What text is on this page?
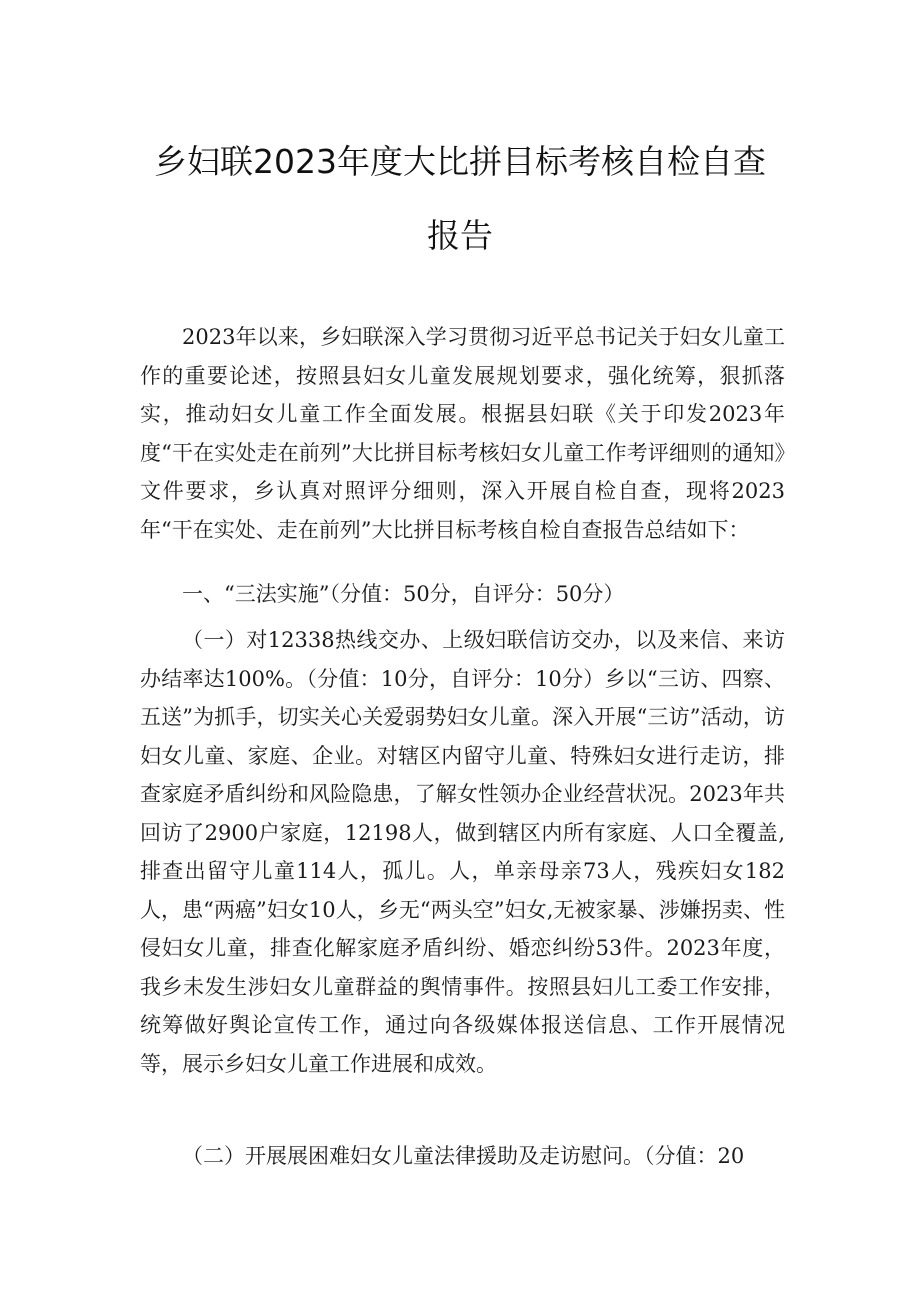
乡妇联2023年度大比拼目标考核自检自查
报告

2023年以来，乡妇联深入学习贯彻习近平总书记关于妇女儿童工作的重要论述，按照县妇女儿童发展规划要求，强化统筹，狠抓落实，推动妇女儿童工作全面发展。根据县妇联《关于印发2023年度“干在实处走在前列”大比拼目标考核妇女儿童工作考评细则的通知》文件要求，乡认真对照评分细则，深入开展自检自查，现将2023年“干在实处、走在前列”大比拼目标考核自检自查报告总结如下：

一、“三法实施”（分值：50分，自评分：50分）

（一）对12338热线交办、上级妇联信访交办，以及来信、来访办结率达100%。（分值：10分，自评分：10分）乡以“三访、四察、五送”为抓手，切实关心关爱弱势妇女儿童。深入开展“三访”活动，访妇女儿童、家庭、企业。对辖区内留守儿童、特殊妇女进行走访，排查家庭矛盾纠纷和风险隐患，了解女性领办企业经营状况。2023年共回访了2900户家庭，12198人，做到辖区内所有家庭、人口全覆盖,排查出留守儿童114人，孤儿。人，单亲母亲73人，残疾妇女182人，患“两癌”妇女10人，乡无“两头空”妇女,无被家暴、涉嫌拐卖、性侵妇女儿童，排查化解家庭矛盾纠纷、婚恋纠纷53件。2023年度，我乡未发生涉妇女儿童群益的舆情事件。按照县妇儿工委工作安排，统筹做好舆论宣传工作，通过向各级媒体报送信息、工作开展情况等，展示乡妇女儿童工作进展和成效。

（二）开展展困难妇女儿童法律援助及走访慰问。（分值：20
